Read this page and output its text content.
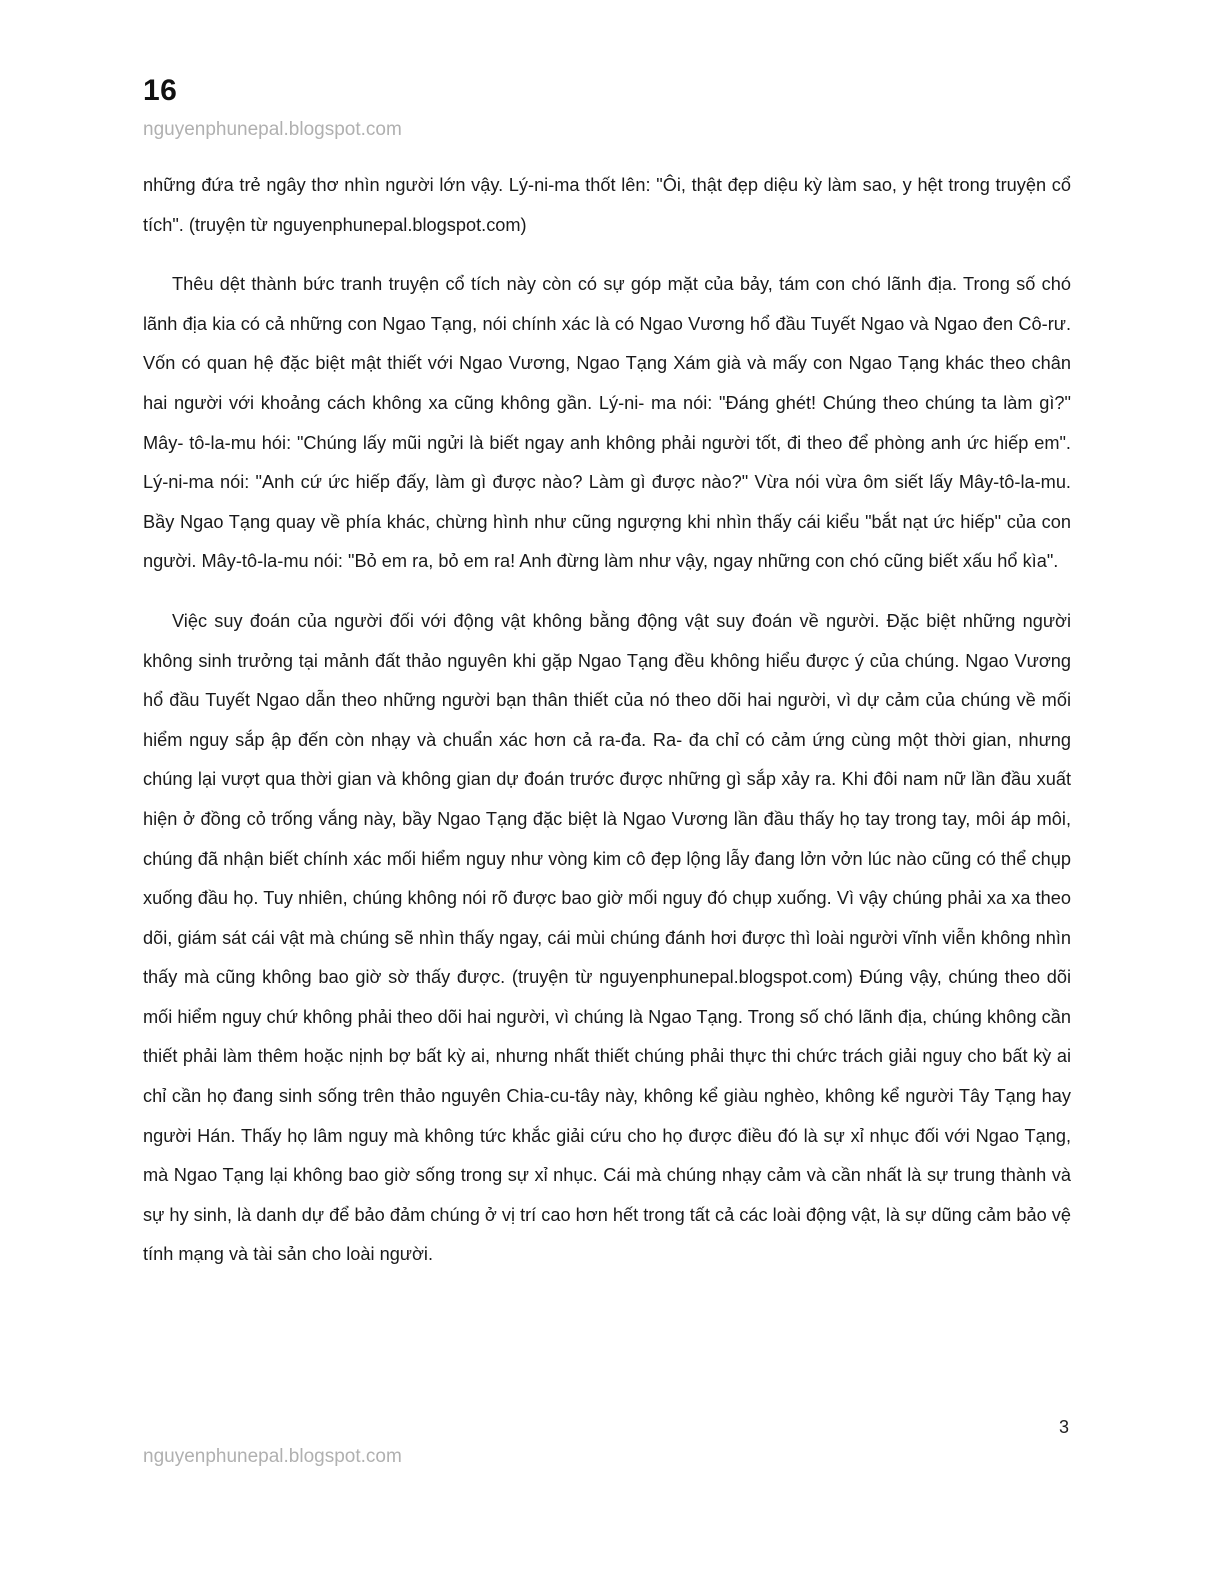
16
nguyenphunepal.blogspot.com

những đứa trẻ ngây thơ nhìn người lớn vậy. Lý-ni-ma thốt lên: "Ôi, thật đẹp diệu kỳ làm sao, y hệt trong truyện cổ tích". (truyện từ nguyenphunepal.blogspot.com)

Thêu dệt thành bức tranh truyện cổ tích này còn có sự góp mặt của bảy, tám con chó lãnh địa. Trong số chó lãnh địa kia có cả những con Ngao Tạng, nói chính xác là có Ngao Vương hổ đầu Tuyết Ngao và Ngao đen Cô-rư. Vốn có quan hệ đặc biệt mật thiết với Ngao Vương, Ngao Tạng Xám già và mấy con Ngao Tạng khác theo chân hai người với khoảng cách không xa cũng không gần. Lý-ni- ma nói: "Đáng ghét! Chúng theo chúng ta làm gì?" Mây- tô-la-mu hói: "Chúng lấy mũi ngửi là biết ngay anh không phải người tốt, đi theo để phòng anh ức hiếp em". Lý-ni-ma nói: "Anh cứ ức hiếp đấy, làm gì được nào? Làm gì được nào?" Vừa nói vừa ôm siết lấy Mây-tô-la-mu. Bầy Ngao Tạng quay về phía khác, chừng hình như cũng ngượng khi nhìn thấy cái kiểu "bắt nạt ức hiếp" của con người. Mây-tô-la-mu nói: "Bỏ em ra, bỏ em ra! Anh đừng làm như vậy, ngay những con chó cũng biết xấu hổ kìa".

Việc suy đoán của người đối với động vật không bằng động vật suy đoán về người. Đặc biệt những người không sinh trưởng tại mảnh đất thảo nguyên khi gặp Ngao Tạng đều không hiểu được ý của chúng. Ngao Vương hổ đầu Tuyết Ngao dẫn theo những người bạn thân thiết của nó theo dõi hai người, vì dự cảm của chúng về mối hiểm nguy sắp ập đến còn nhạy và chuẩn xác hơn cả ra-đa. Ra- đa chỉ có cảm ứng cùng một thời gian, nhưng chúng lại vượt qua thời gian và không gian dự đoán trước được những gì sắp xảy ra. Khi đôi nam nữ lần đầu xuất hiện ở đồng cỏ trống vắng này, bầy Ngao Tạng đặc biệt là Ngao Vương lần đầu thấy họ tay trong tay, môi áp môi, chúng đã nhận biết chính xác mối hiểm nguy như vòng kim cô đẹp lộng lẫy đang lởn vởn lúc nào cũng có thể chụp xuống đầu họ. Tuy nhiên, chúng không nói rõ được bao giờ mối nguy đó chụp xuống. Vì vậy chúng phải xa xa theo dõi, giám sát cái vật mà chúng sẽ nhìn thấy ngay, cái mùi chúng đánh hơi được thì loài người vĩnh viễn không nhìn thấy mà cũng không bao giờ sờ thấy được. (truyện từ nguyenphunepal.blogspot.com) Đúng vậy, chúng theo dõi mối hiểm nguy chứ không phải theo dõi hai người, vì chúng là Ngao Tạng. Trong số chó lãnh địa, chúng không cần thiết phải làm thêm hoặc nịnh bợ bất kỳ ai, nhưng nhất thiết chúng phải thực thi chức trách giải nguy cho bất kỳ ai chỉ cần họ đang sinh sống trên thảo nguyên Chia-cu-tây này, không kể giàu nghèo, không kể người Tây Tạng hay người Hán. Thấy họ lâm nguy mà không tức khắc giải cứu cho họ được điều đó là sự xỉ nhục đối với Ngao Tạng, mà Ngao Tạng lại không bao giờ sống trong sự xỉ nhục. Cái mà chúng nhạy cảm và cần nhất là sự trung thành và sự hy sinh, là danh dự để bảo đảm chúng ở vị trí cao hơn hết trong tất cả các loài động vật, là sự dũng cảm bảo vệ tính mạng và tài sản cho loài người.

3
nguyenphunepal.blogspot.com
